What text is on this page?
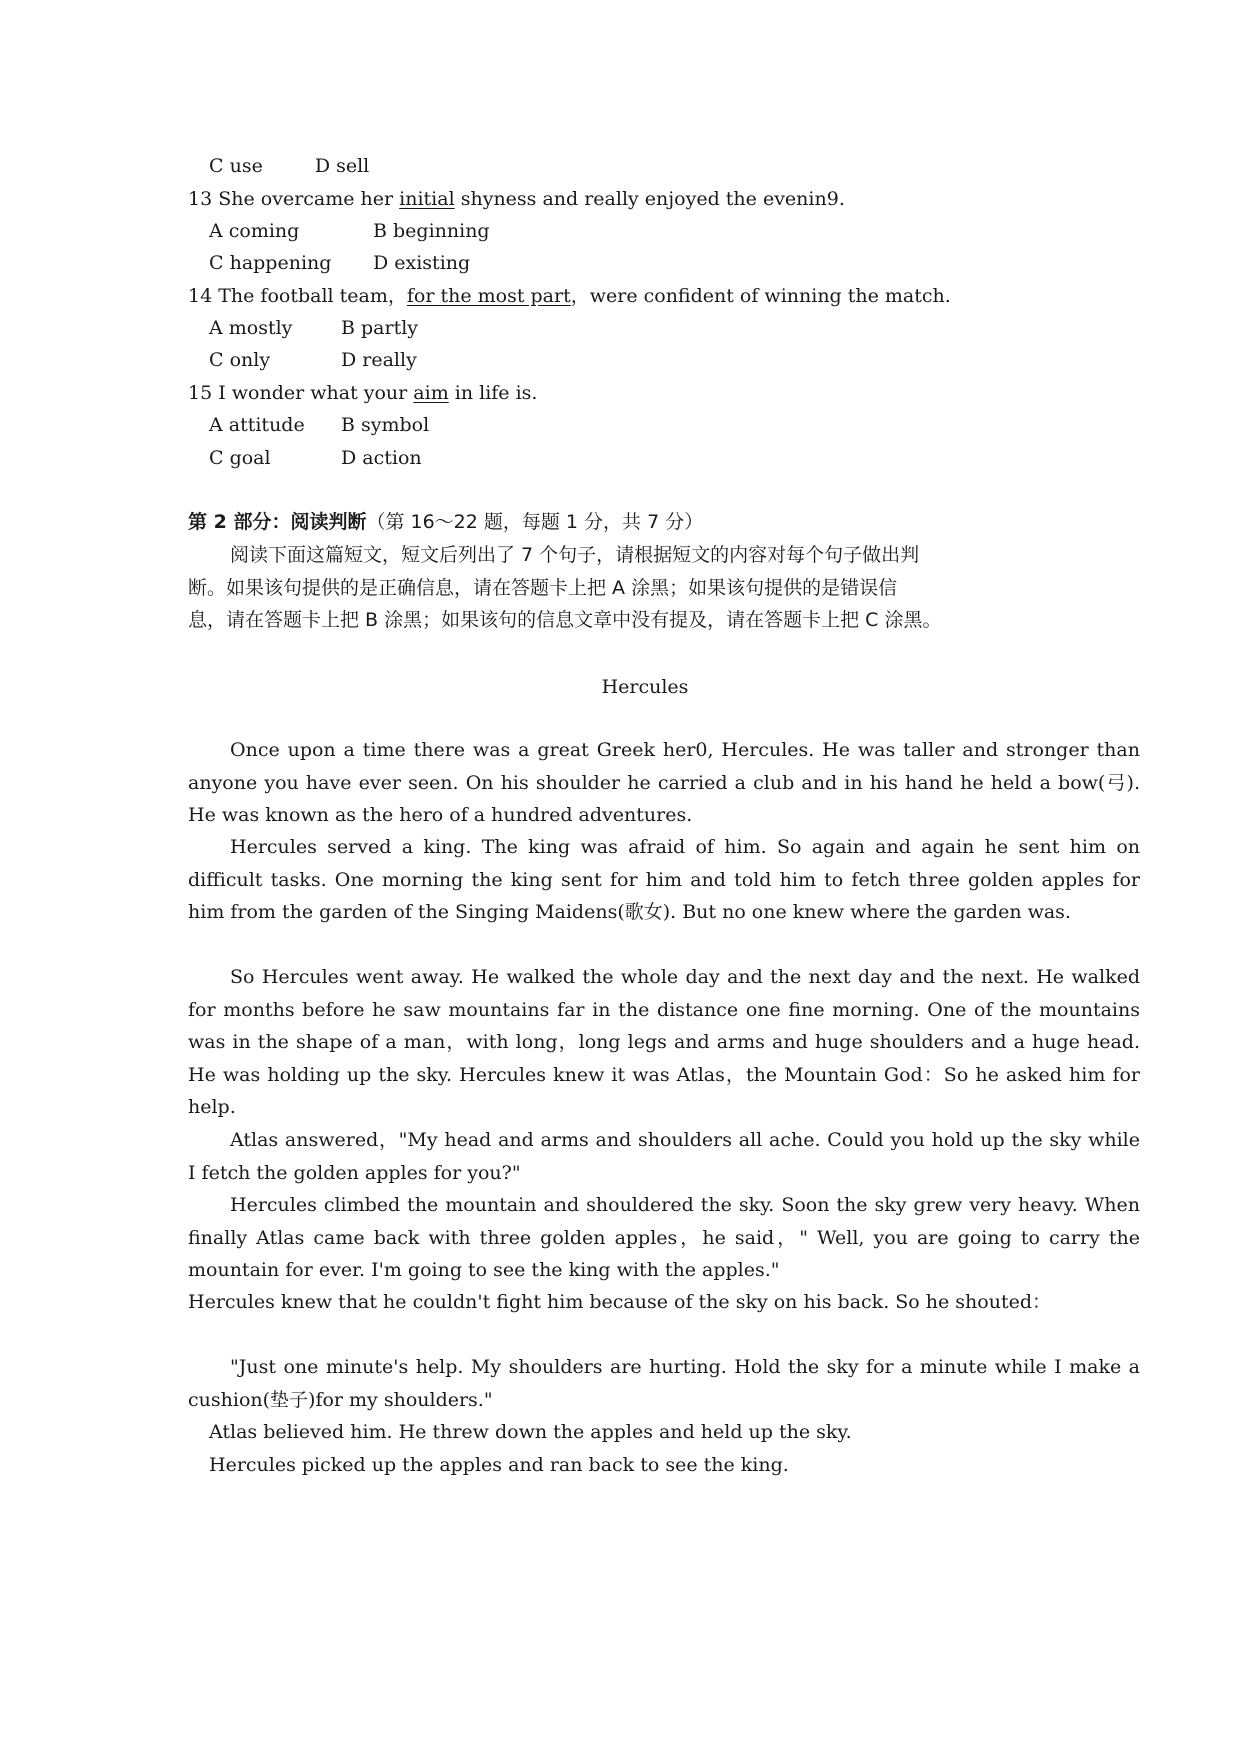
C use	D sell
13 She overcame her initial shyness and really enjoyed the evenin9.
A coming	B beginning
C happening D existing
14 The football team，for the most part，were confident of winning the match.
A mostly	B partly
C only	D really
15 I wonder what your aim in life is.
A attitude B symbol
C goal	D action
第 2 部分：阅读判断（第 16～22 题，每题 1 分，共 7 分）
阅读下面这篇短文，短文后列出了 7 个句子，请根据短文的内容对每个句子做出判
断。如果该句提供的是正确信息，请在答题卡上把 A 涂黑；如果该句提供的是错误信
息，请在答题卡上把 B 涂黑；如果该句的信息文章中没有提及，请在答题卡上把 C 涂黑。
Hercules
Once upon a time there was a great Greek her0, Hercules. He was taller and stronger than anyone you have ever seen. On his shoulder he carried a club and in his hand he held a bow(弓). He was known as the hero of a hundred adventures.
Hercules served a king. The king was afraid of him. So again and again he sent him on difficult tasks. One morning the king sent for him and told him to fetch three golden apples for him from the garden of the Singing Maidens(歌女). But no one knew where the garden was.
So Hercules went away. He walked the whole day and the next day and the next. He walked for months before he saw mountains far in the distance one fine morning. One of the mountains was in the shape of a man，with long，long legs and arms and huge shoulders and a huge head. He was holding up the sky. Hercules knew it was Atlas，the Mountain God：So he asked him for help.
Atlas answered，"My head and arms and shoulders all ache. Could you hold up the sky while I fetch the golden apples for you?"
Hercules climbed the mountain and shouldered the sky. Soon the sky grew very heavy. When finally Atlas came back with three golden apples，he said，" Well, you are going to carry the mountain for ever. I'm going to see the king with the apples."
Hercules knew that he couldn't fight him because of the sky on his back. So he shouted：
"Just one minute's help. My shoulders are hurting. Hold the sky for a minute while I make a cushion(垫子)for my shoulders."
Atlas believed him. He threw down the apples and held up the sky.
Hercules picked up the apples and ran back to see the king.
